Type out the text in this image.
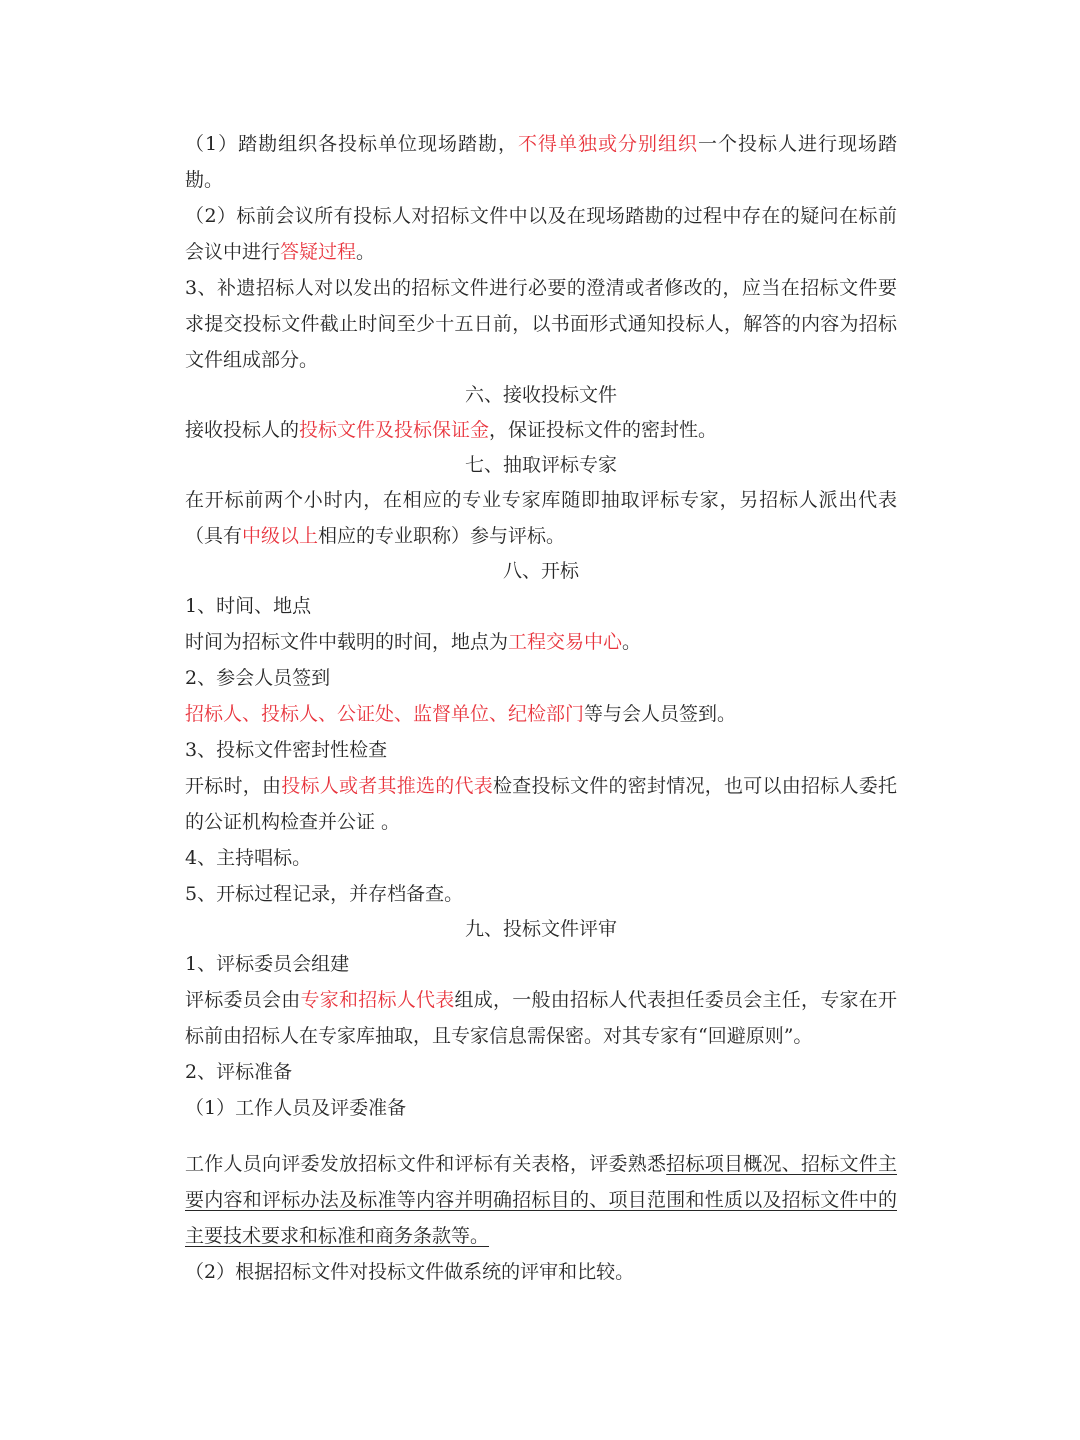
（1）踏勘组织各投标单位现场踏勘，不得单独或分别组织一个投标人进行现场踏勘。

（2）标前会议所有投标人对招标文件中以及在现场踏勘的过程中存在的疑问在标前会议中进行答疑过程。

3、补遗招标人对以发出的招标文件进行必要的澄清或者修改的，应当在招标文件要求提交投标文件截止时间至少十五日前，以书面形式通知投标人，解答的内容为招标文件组成部分。

六、接收投标文件

接收投标人的投标文件及投标保证金，保证投标文件的密封性。

七、抽取评标专家

在开标前两个小时内，在相应的专业专家库随即抽取评标专家，另招标人派出代表（具有中级以上相应的专业职称）参与评标。

八、开标

1、时间、地点

时间为招标文件中载明的时间，地点为工程交易中心。

2、参会人员签到

招标人、投标人、公证处、监督单位、纪检部门等与会人员签到。

3、投标文件密封性检查

开标时，由投标人或者其推选的代表检查投标文件的密封情况，也可以由招标人委托的公证机构检查并公证 。

4、主持唱标。

5、开标过程记录，并存档备查。

九、投标文件评审

1、评标委员会组建

评标委员会由专家和招标人代表组成，一般由招标人代表担任委员会主任，专家在开标前由招标人在专家库抽取，且专家信息需保密。对其专家有“回避原则”。

2、评标准备

（1）工作人员及评委准备

工作人员向评委发放招标文件和评标有关表格，评委熟悉招标项目概况、招标文件主要内容和评标办法及标准等内容并明确招标目的、项目范围和性质以及招标文件中的主要技术要求和标准和商务条款等。

（2）根据招标文件对投标文件做系统的评审和比较。
